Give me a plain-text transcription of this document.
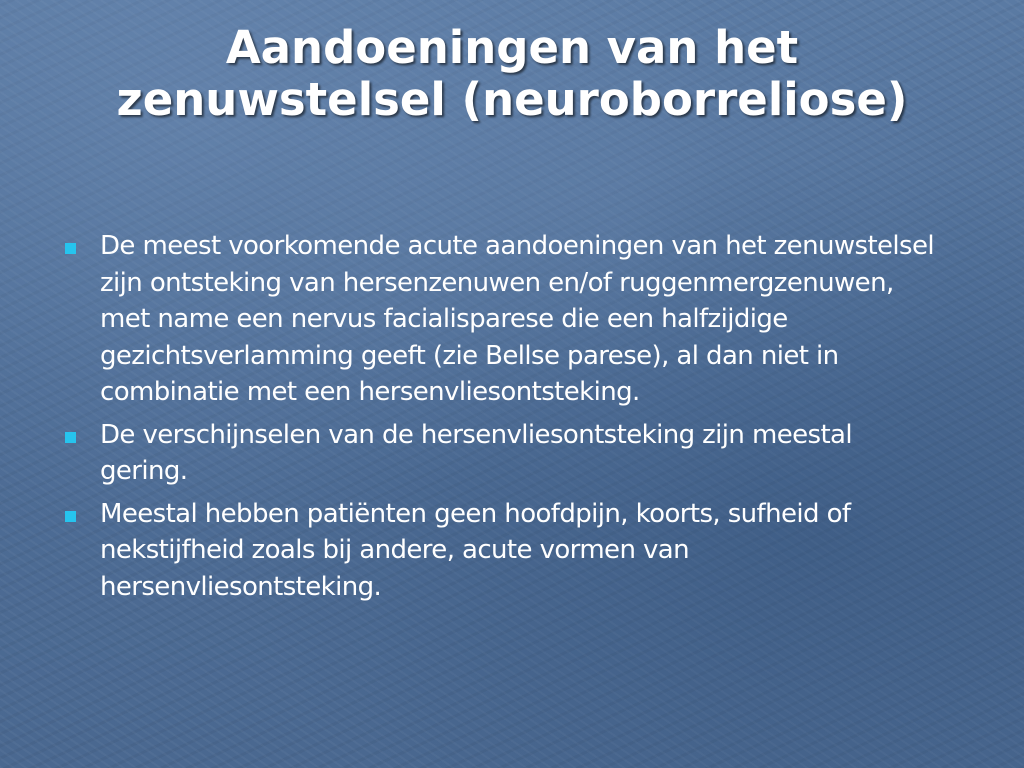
Aandoeningen van het
zenuwstelsel (neuroborreliose)
De meest voorkomende acute aandoeningen van het zenuwstelsel zijn ontsteking van hersenzenuwen en/of ruggenmergzenuwen, met name een nervus facialisparese die een halfzijdige gezichtsverlamming geeft (zie Bellse parese), al dan niet in combinatie met een hersenvliesontsteking.
De verschijnselen van de hersenvliesontsteking zijn meestal gering.
Meestal hebben patiënten geen hoofdpijn, koorts, sufheid of nekstijfheid zoals bij andere, acute vormen van hersenvliesontsteking.
